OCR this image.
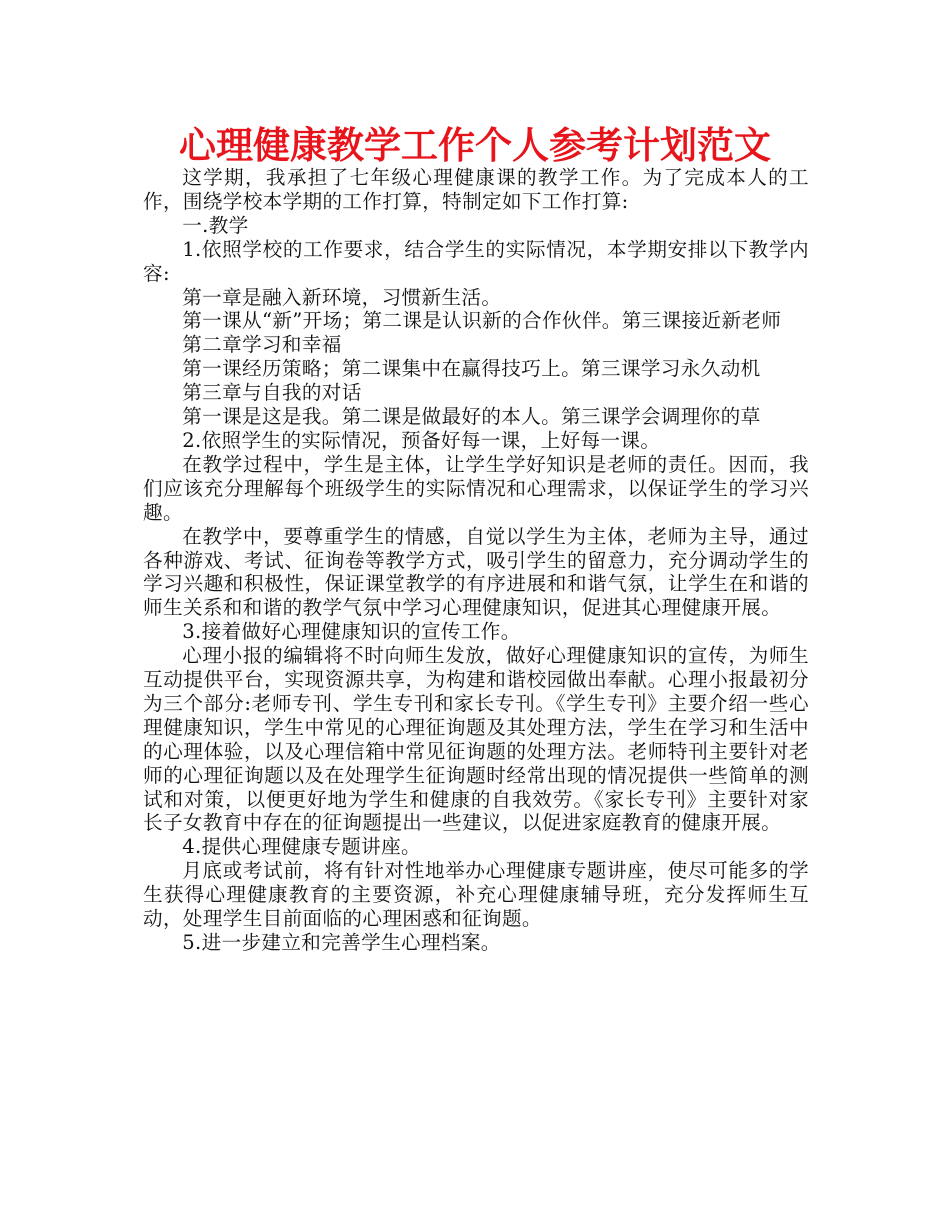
心理健康教学工作个人参考计划范文

这学期，我承担了七年级心理健康课的教学工作。为了完成本人的工作，围绕学校本学期的工作打算，特制定如下工作打算:

一.教学

1.依照学校的工作要求，结合学生的实际情况，本学期安排以下教学内容:

第一章是融入新环境，习惯新生活。

第一课从“新”开场；第二课是认识新的合作伙伴。第三课接近新老师

第二章学习和幸福

第一课经历策略；第二课集中在赢得技巧上。第三课学习永久动机

第三章与自我的对话

第一课是这是我。第二课是做最好的本人。第三课学会调理你的草

2.依照学生的实际情况，预备好每一课，上好每一课。

在教学过程中，学生是主体，让学生学好知识是老师的责任。因而，我们应该充分理解每个班级学生的实际情况和心理需求，以保证学生的学习兴趣。

在教学中，要尊重学生的情感，自觉以学生为主体，老师为主导，通过各种游戏、考试、征询卷等教学方式，吸引学生的留意力，充分调动学生的学习兴趣和积极性，保证课堂教学的有序进展和和谐气氛，让学生在和谐的师生关系和和谐的教学气氛中学习心理健康知识，促进其心理健康开展。

3.接着做好心理健康知识的宣传工作。

心理小报的编辑将不时向师生发放，做好心理健康知识的宣传，为师生互动提供平台，实现资源共享，为构建和谐校园做出奉献。心理小报最初分为三个部分:老师专刊、学生专刊和家长专刊。《学生专刊》主要介绍一些心理健康知识，学生中常见的心理征询题及其处理方法，学生在学习和生活中的心理体验，以及心理信箱中常见征询题的处理方法。老师特刊主要针对老师的心理征询题以及在处理学生征询题时经常出现的情况提供一些简单的测试和对策，以便更好地为学生和健康的自我效劳。《家长专刊》主要针对家长子女教育中存在的征询题提出一些建议，以促进家庭教育的健康开展。

4.提供心理健康专题讲座。

月底或考试前，将有针对性地举办心理健康专题讲座，使尽可能多的学生获得心理健康教育的主要资源，补充心理健康辅导班，充分发挥师生互动，处理学生目前面临的心理困惑和征询题。

5.进一步建立和完善学生心理档案。
